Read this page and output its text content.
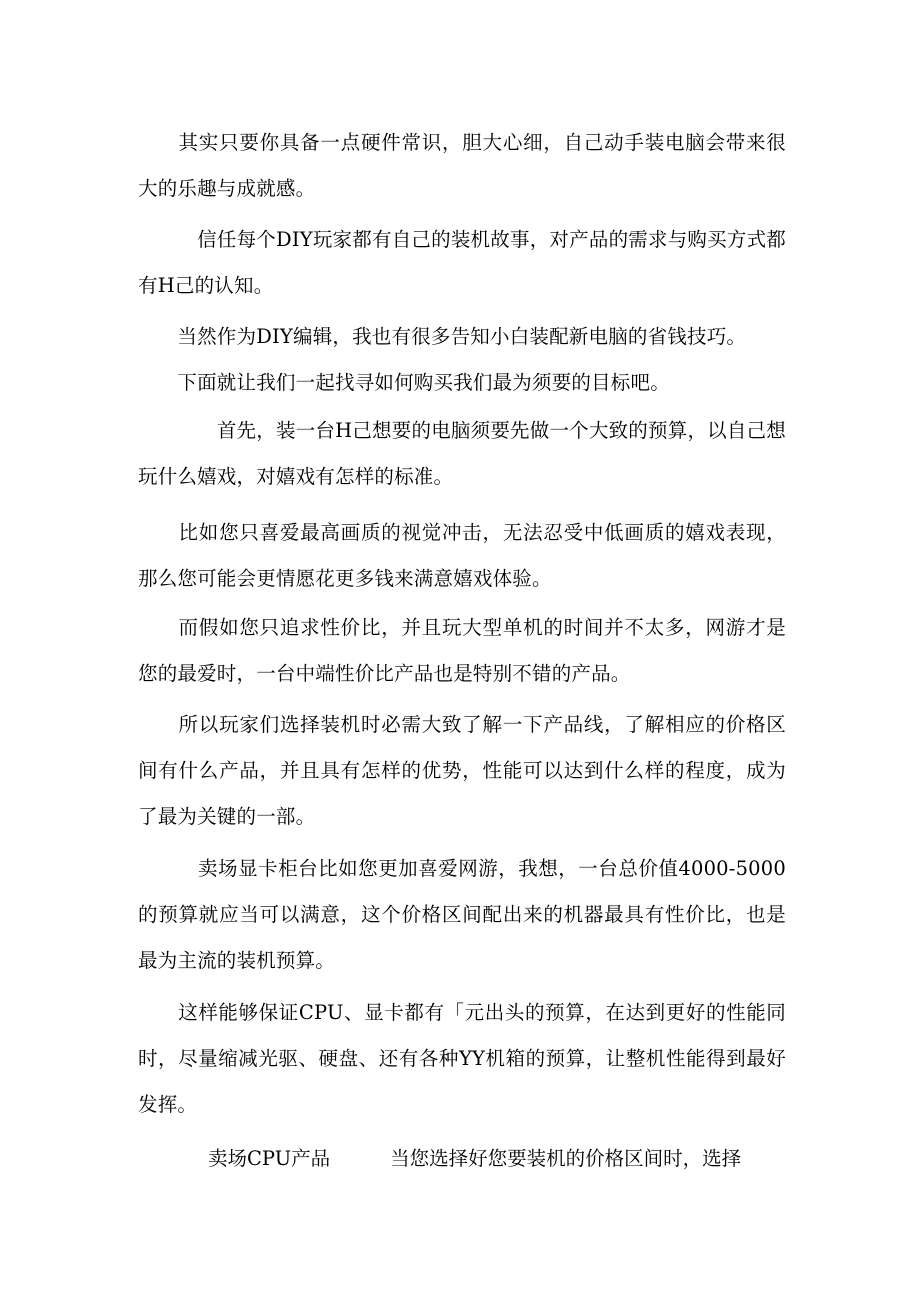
　　其实只要你具备一点硬件常识，胆大心细，自己动手装电脑会带来很大的乐趣与成就感。

　　　信任每个DIY玩家都有自己的装机故事，对产品的需求与购买方式都有H己的认知。

　　当然作为DIY编辑，我也有很多告知小白装配新电脑的省钱技巧。

　　下面就让我们一起找寻如何购买我们最为须要的目标吧。

　　　　首先，装一台H己想要的电脑须要先做一个大致的预算，以自己想玩什么嬉戏，对嬉戏有怎样的标准。

　　比如您只喜爱最高画质的视觉冲击，无法忍受中低画质的嬉戏表现，那么您可能会更情愿花更多钱来满意嬉戏体验。

　　而假如您只追求性价比，并且玩大型单机的时间并不太多，网游才是您的最爱时，一台中端性价比产品也是特别不错的产品。

　　所以玩家们选择装机时必需大致了解一下产品线，了解相应的价格区间有什么产品，并且具有怎样的优势，性能可以达到什么样的程度，成为了最为关键的一部。

　　　卖场显卡柜台比如您更加喜爱网游，我想，一台总价值4000-5000的预算就应当可以满意，这个价格区间配出来的机器最具有性价比，也是最为主流的装机预算。

　　这样能够保证CPU、显卡都有「元出头的预算，在达到更好的性能同时，尽量缩减光驱、硬盘、还有各种YY机箱的预算，让整机性能得到最好发挥。

卖场CPU产品	当您选择好您要装机的价格区间时，选择
